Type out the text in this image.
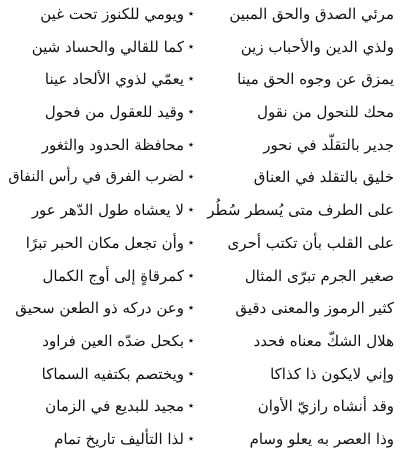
مرئي الصدق والحق المبين
٭
ويومي للكنوز تحت غين
ولذي الدين والأحباب زين
٭
كما للقالي والحساد شين
يمزق عن وجوه الحق مينا
٭
يعمّي لذوي الألحاد عينا
محك للنحول من نقول
٭
وقيد للعقول من فحول
جدير بالتقلّد في نحور
٭
محافظة الحدود والثغور
خليق بالتقلد في العناق
٭
لضرب الفرق في رأس النفاق
على الطرف متى يُسطر سُطُر
٭
لا يعشاه طول الدّهر عور
على القلب بأن تكتب أحرى
٭
وأن تجعل مكان الحبر تبرًا
صغير الجرم تبرّى المثال
٭
كمرقاةٍ إلى أوج الكمال
كثير الرموز والمعنى دقيق
٭
وعن دركه ذو الطعن سحيق
هلال الشكّ معناه فحدد
٭
بكحل ضدّه العين فراود
وإني لايكون ذا كذاكا
٭
ويختصم بكتفيه السماكا
وقد أنشاه رازيّ الأوان
٭
مجيد للبديع في الزمان
وذا العصر به يعلو وسام
٭
لذا التأليف تاريخ تمام
